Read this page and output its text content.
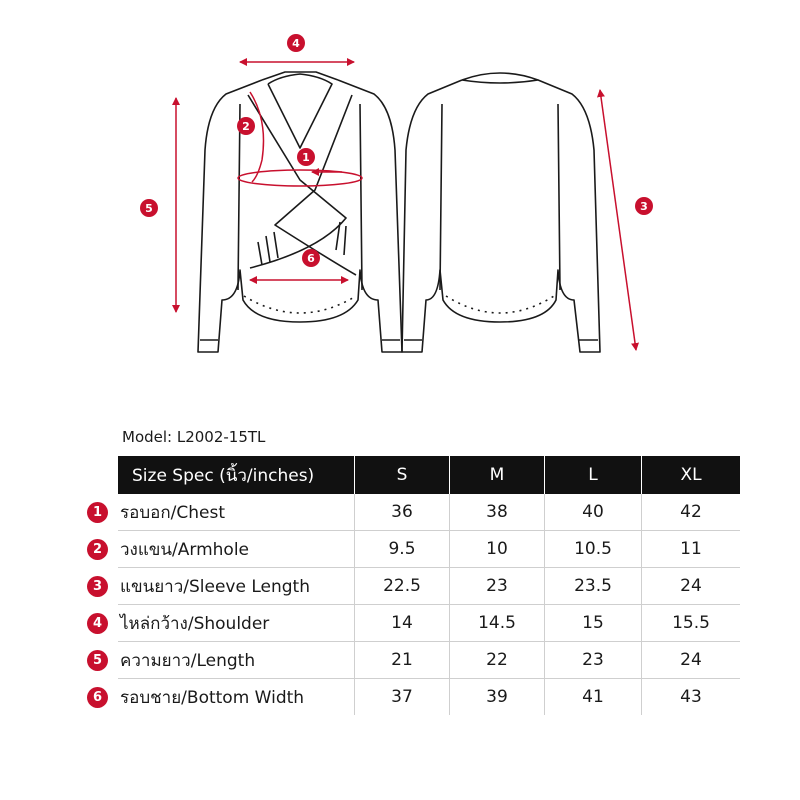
1
2
3
4
5
6
Model: L2002-15TL
Size Spec (นิ้ว/inches)	S	M	L	XL
รอบอก/Chest	36	38	40	42
วงแขน/Armhole	9.5	10	10.5	11
แขนยาว/Sleeve Length	22.5	23	23.5	24
ไหล่กว้าง/Shoulder	14	14.5	15	15.5
ความยาว/Length	21	22	23	24
รอบชาย/Bottom Width	37	39	41	43
1
2
3
4
5
6
